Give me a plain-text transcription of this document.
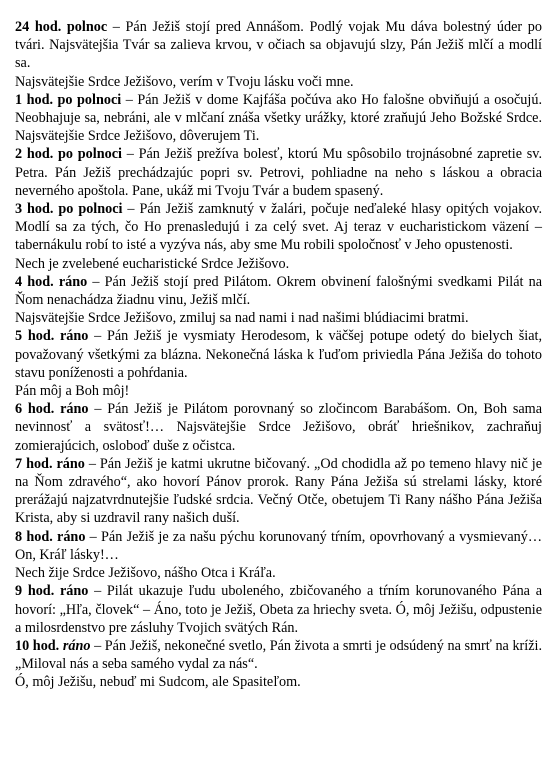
24 hod. polnoc – Pán Ježiš stojí pred Annášom. Podlý vojak Mu dáva bolestný úder po tvári. Najsvätejšia Tvár sa zalieva krvou, v očiach sa objavujú slzy, Pán Ježiš mlčí a modlí sa.

Najsvätejšie Srdce Ježišovo, verím v Tvoju lásku voči mne.

1 hod. po polnoci – Pán Ježiš v dome Kajfáša počúva ako Ho falošne obviňujú a osočujú. Neobhajuje sa, nebráni, ale v mlčaní znáša všetky urážky, ktoré zraňujú Jeho Božské Srdce. Najsvätejšie Srdce Ježišovo, dôverujem Ti.

2 hod. po polnoci – Pán Ježiš prežíva bolesť, ktorú Mu spôsobilo trojnásobné zapretie sv. Petra. Pán Ježiš prechádzajúc popri sv. Petrovi, pohliadne na neho s láskou a obracia neverného apoštola. Pane, ukáž mi Tvoju Tvár a budem spasený.

3 hod. po polnoci – Pán Ježiš zamknutý v žalári, počuje neďaleké hlasy opitých vojakov. Modlí sa za tých, čo Ho prenasledujú i za celý svet. Aj teraz v eucharistickom väzení – tabernákulu robí to isté a vyzýva nás, aby sme Mu robili spoločnosť v Jeho opustenosti.

Nech je zvelebené eucharistické Srdce Ježišovo.

4 hod. ráno – Pán Ježiš stojí pred Pilátom. Okrem obvinení falošnými svedkami Pilát na Ňom nenachádza žiadnu vinu, Ježiš mlčí.

Najsvätejšie Srdce Ježišovo, zmiluj sa nad nami i nad našimi blúdiacimi bratmi.

5 hod. ráno – Pán Ježiš je vysmiaty Herodesom, k väčšej potupe odetý do bielych šiat, považovaný všetkými za blázna. Nekonečná láska k ľuďom priviedla Pána Ježiša do tohoto stavu poníženosti a pohŕdania.

Pán môj a Boh môj!

6 hod. ráno – Pán Ježiš je Pilátom porovnaný so zločincom Barabášom. On, Boh sama nevinnosť a svätosť!… Najsvätejšie Srdce Ježišovo, obráť hriešnikov, zachraňuj zomierajúcich, osloboď duše z očistca.

7 hod. ráno – Pán Ježiš je katmi ukrutne bičovaný. „Od chodidla až po temeno hlavy nič je na Ňom zdravého“, ako hovorí Pánov prorok. Rany Pána Ježiša sú strelami lásky, ktoré prerážajú najzatvrdnutejšie ľudské srdcia. Večný Otče, obetujem Ti Rany nášho Pána Ježiša Krista, aby si uzdravil rany našich duší.

8 hod. ráno – Pán Ježiš je za našu pýchu korunovaný tŕním, opovrhovaný a vysmievaný… On, Kráľ lásky!…

Nech žije Srdce Ježišovo, nášho Otca i Kráľa.

9 hod. ráno – Pilát ukazuje ľudu uboleného, zbičovaného a tŕním korunovaného Pána a hovorí: „Hľa, človek“ – Áno, toto je Ježiš, Obeta za hriechy sveta. Ó, môj Ježišu, odpustenie a milosrdenstvo pre zásluhy Tvojich svätých Rán.

10 hod. ráno – Pán Ježiš, nekonečné svetlo, Pán života a smrti je odsúdený na smrť na kríži. „Miloval nás a seba samého vydal za nás“.

Ó, môj Ježišu, nebuď mi Sudcom, ale Spasiteľom.
